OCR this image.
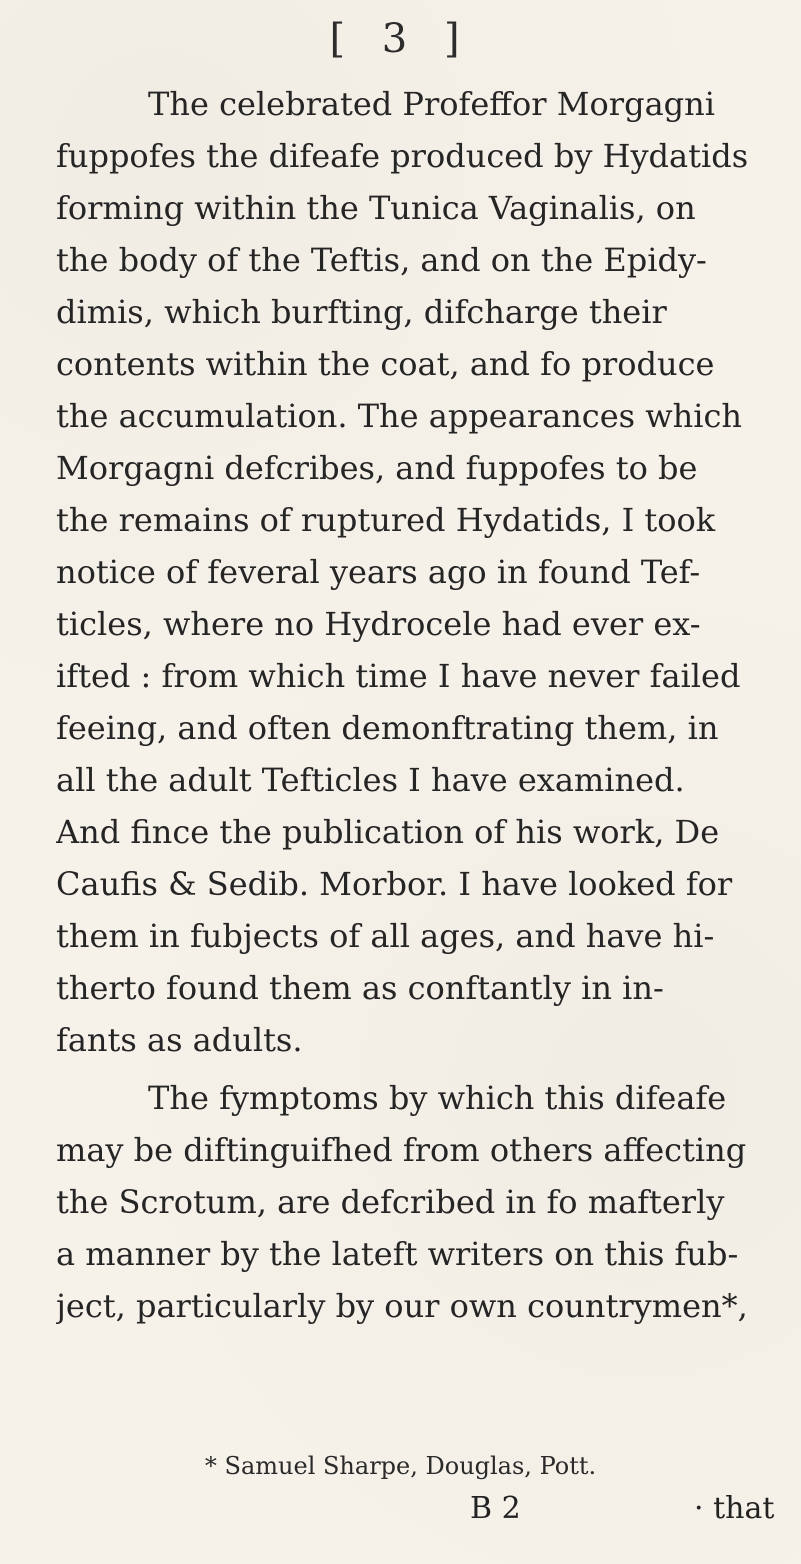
[ 3 ]
The celebrated Profeffor Morgagni
fuppofes the difeafe produced by Hydatids
forming within the Tunica Vaginalis, on
the body of the Teftis, and on the Epidy-
dimis, which burfting, difcharge their
contents within the coat, and fo produce
the accumulation. The appearances which
Morgagni defcribes, and fuppofes to be
the remains of ruptured Hydatids, I took
notice of feveral years ago in found Tef-
ticles, where no Hydrocele had ever ex-
ifted : from which time I have never failed
feeing, and often demonftrating them, in
all the adult Tefticles I have examined.
And fince the publication of his work, De
Caufis & Sedib. Morbor. I have looked for
them in fubjects of all ages, and have hi-
therto found them as conftantly in in-
fants as adults.
The fymptoms by which this difeafe
may be diftinguifhed from others affecting
the Scrotum, are defcribed in fo mafterly
a manner by the lateft writers on this fub-
ject, particularly by our own countrymen*,
* Samuel Sharpe, Douglas, Pott.
B 2	· that
